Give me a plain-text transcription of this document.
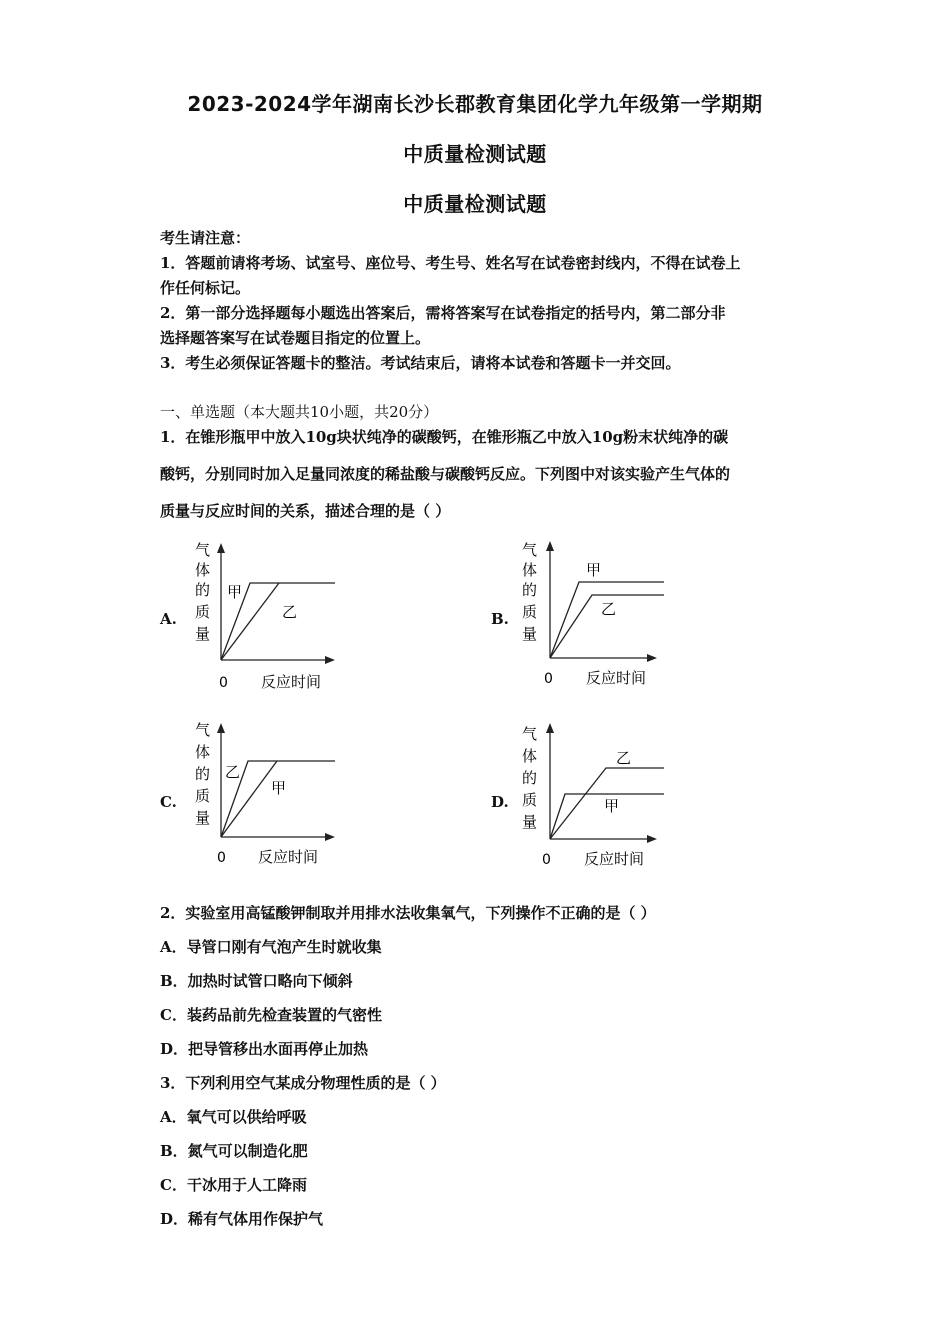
2023-2024学年湖南长沙长郡教育集团化学九年级第一学期期
中质量检测试题
中质量检测试题
考生请注意：
1．答题前请将考场、试室号、座位号、考生号、姓名写在试卷密封线内，不得在试卷上
作任何标记。
2．第一部分选择题每小题选出答案后，需将答案写在试卷指定的括号内，第二部分非
选择题答案写在试卷题目指定的位置上。
3．考生必须保证答题卡的整洁。考试结束后，请将本试卷和答题卡一并交回。
一、单选题（本大题共10小题，共20分）
1．在锥形瓶甲中放入10g块状纯净的碳酸钙，在锥形瓶乙中放入10g粉末状纯净的碳
酸钙，分别同时加入足量同浓度的稀盐酸与碳酸钙反应。下列图中对该实验产生气体的
质量与反应时间的关系，描述合理的是（ ）
A.
气
体
的
质
量
甲
乙
0 反应时间
B.
气
体
的
质
量
甲
乙
0 反应时间
C.
气
体
的
质
量
乙
甲
0 反应时间
D.
气
体
的
质
量
乙
甲
0 反应时间
2．实验室用高锰酸钾制取并用排水法收集氧气，下列操作不正确的是（ ）
A．导管口刚有气泡产生时就收集
B．加热时试管口略向下倾斜
C．装药品前先检查装置的气密性
D．把导管移出水面再停止加热
3．下列利用空气某成分物理性质的是（ ）
A．氧气可以供给呼吸
B．氮气可以制造化肥
C．干冰用于人工降雨
D．稀有气体用作保护气
